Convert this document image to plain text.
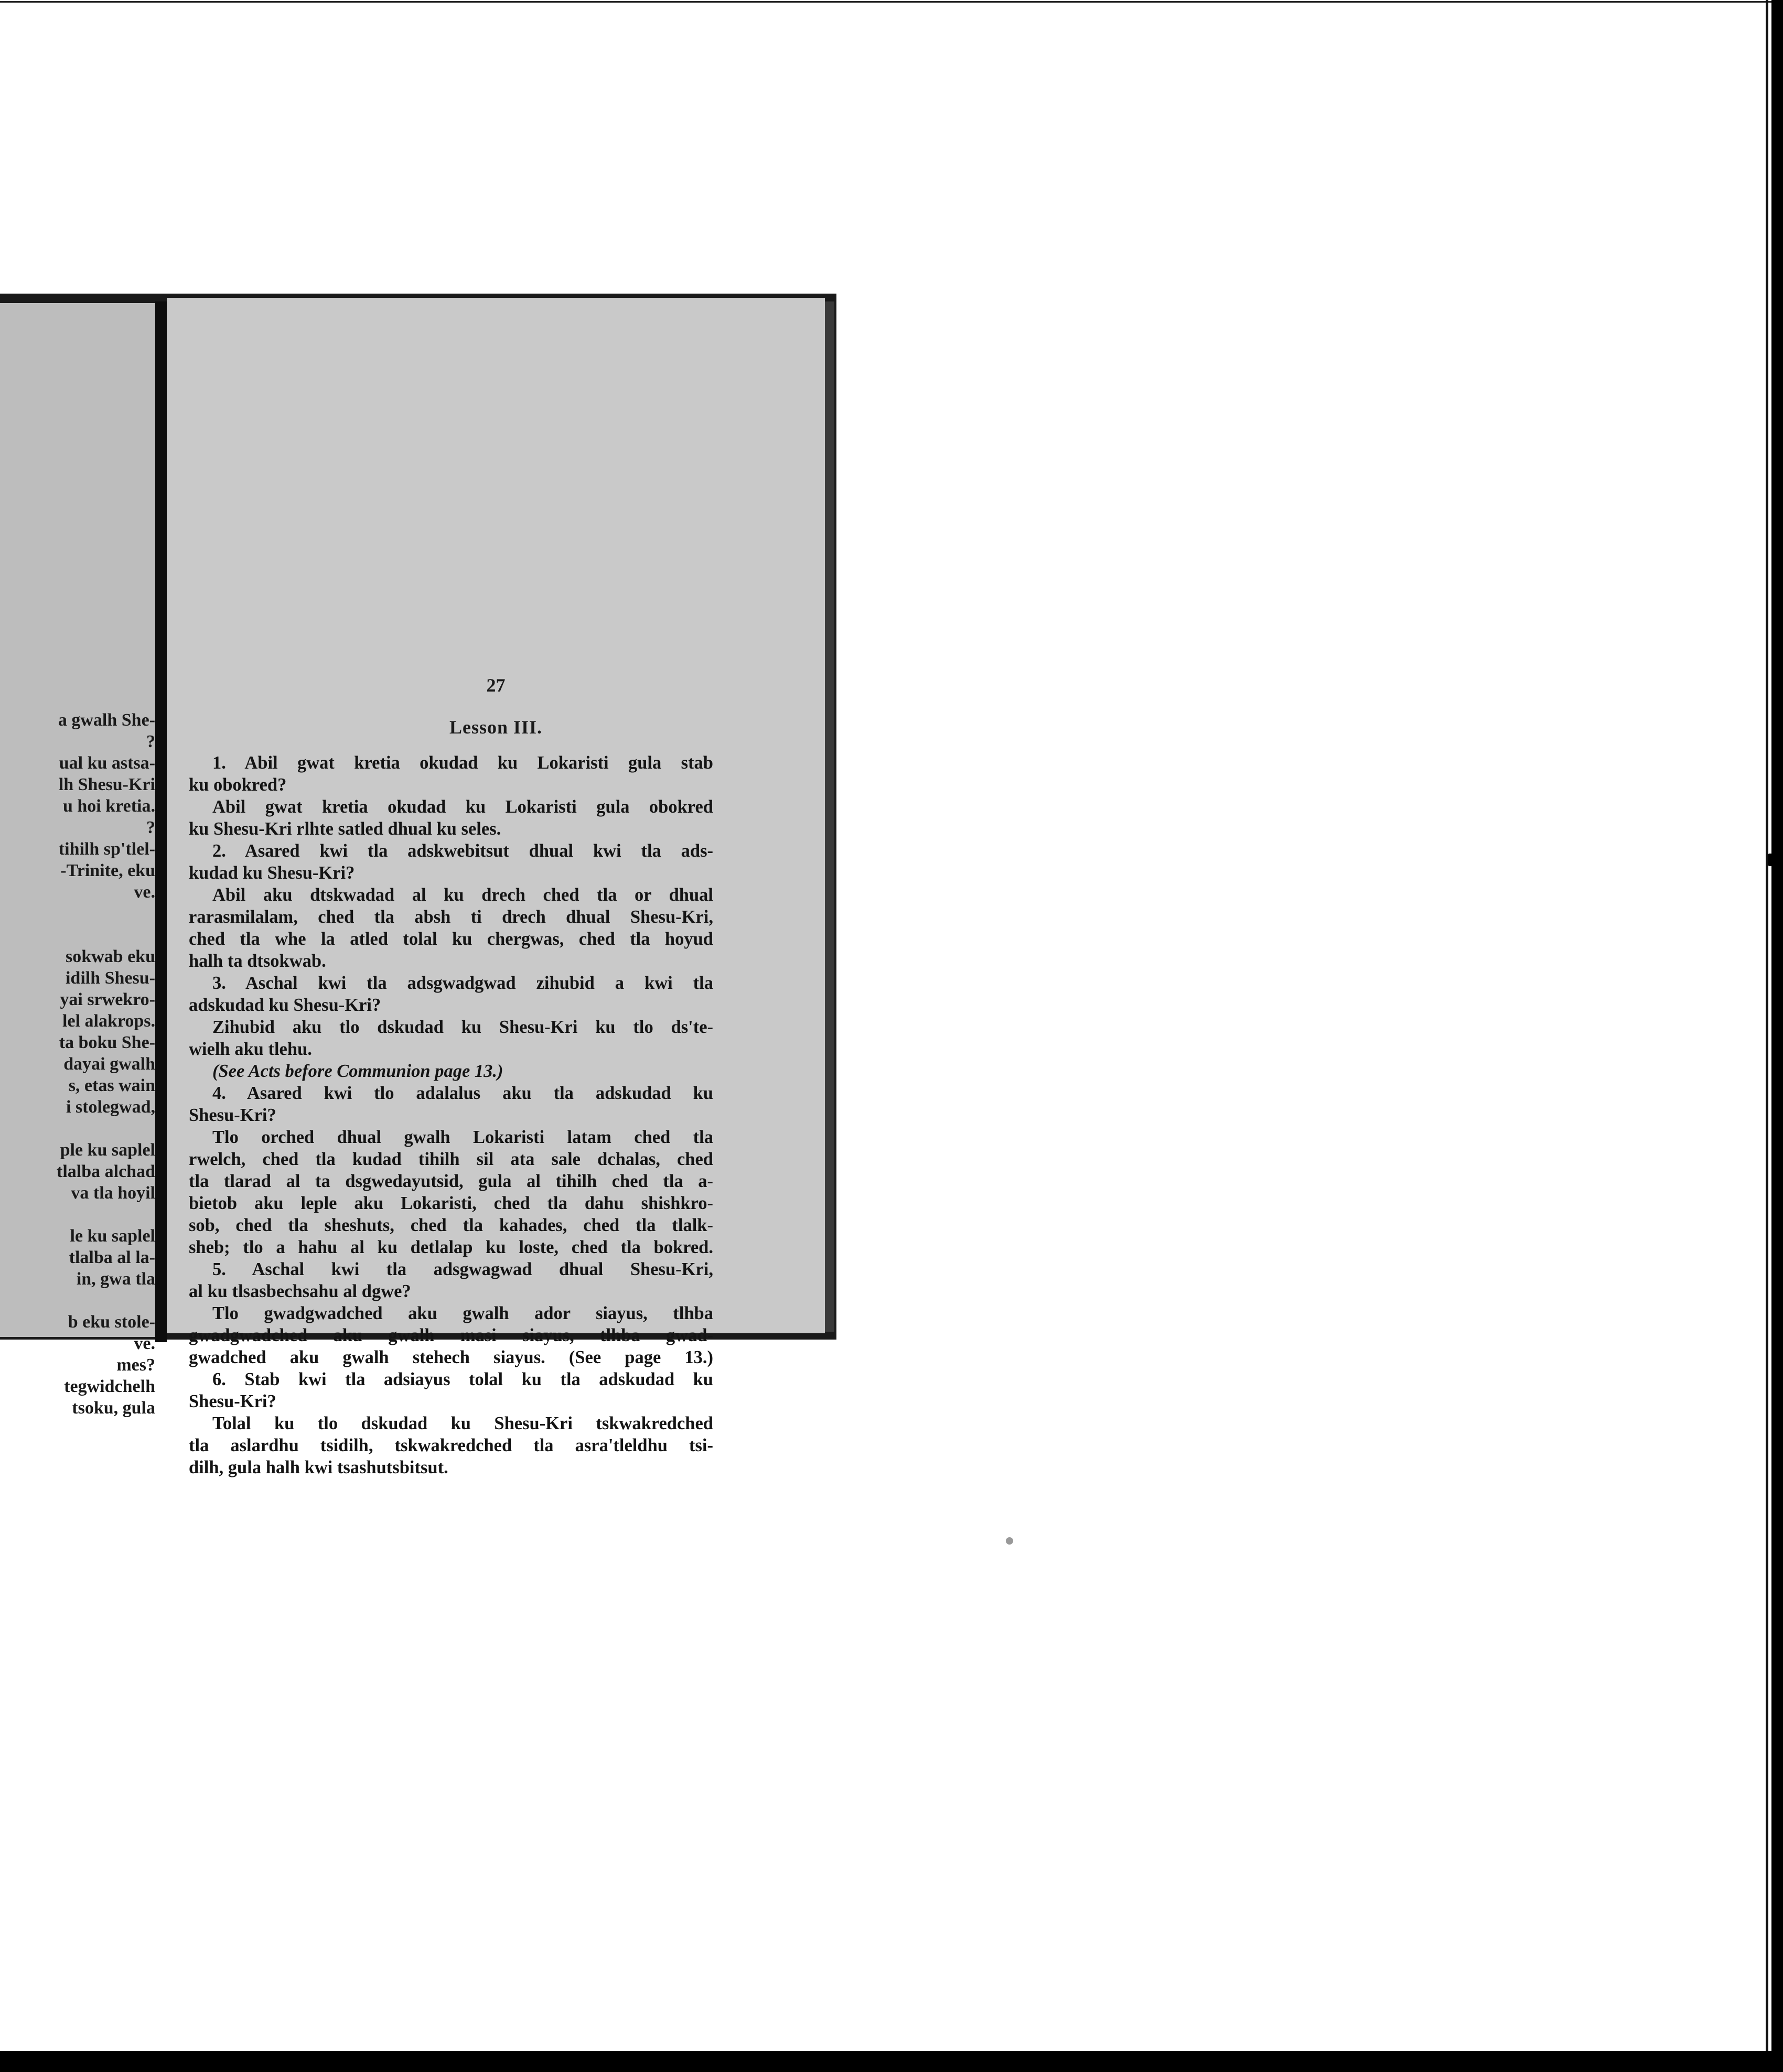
a gwalh She-
?
ual ku astsa-
lh Shesu-Kri
u hoi kretia.
?
tihilh sp'tlel-
-Trinite, eku
ve.
sokwab eku
idilh Shesu-
yai srwekro-
lel alakrops.
ta boku She-
dayai gwalh
s, etas wain
i stolegwad,
ple ku saplel
tlalba alchad
va tla hoyil
le ku saplel
tlalba al la-
in, gwa tla
b eku stole-
ve.
mes?
tegwidchelh
tsoku, gula
27
Lesson III.
1. Abil gwat kretia okudad ku Lokaristi gula stab
ku obokred?
Abil gwat kretia okudad ku Lokaristi gula obokred
ku Shesu-Kri rlhte satled dhual ku seles.
2. Asared kwi tla adskwebitsut dhual kwi tla ads-
kudad ku Shesu-Kri?
Abil aku dtskwadad al ku drech ched tla or dhual
rarasmilalam, ched tla absh ti drech dhual Shesu-Kri,
ched tla whe la atled tolal ku chergwas, ched tla hoyud
halh ta dtsokwab.
3. Aschal kwi tla adsgwadgwad zihubid a kwi tla
adskudad ku Shesu-Kri?
Zihubid aku tlo dskudad ku Shesu-Kri ku tlo ds'te-
wielh aku tlehu.
(See Acts before Communion page 13.)
4. Asared kwi tlo adalalus aku tla adskudad ku
Shesu-Kri?
Tlo orched dhual gwalh Lokaristi latam ched tla
rwelch, ched tla kudad tihilh sil ata sale dchalas, ched
tla tlarad al ta dsgwedayutsid, gula al tihilh ched tla a-
bietob aku leple aku Lokaristi, ched tla dahu shishkro-
sob, ched tla sheshuts, ched tla kahades, ched tla tlalk-
sheb; tlo a hahu al ku detlalap ku loste, ched tla bokred.
5. Aschal kwi tla adsgwagwad dhual Shesu-Kri,
al ku tlsasbechsahu al dgwe?
Tlo gwadgwadched aku gwalh ador siayus, tlhba
gwadgwadched aku gwalh masi siayus, tlhba gwad-
gwadched aku gwalh stehech siayus. (See page 13.)
6. Stab kwi tla adsiayus tolal ku tla adskudad ku
Shesu-Kri?
Tolal ku tlo dskudad ku Shesu-Kri tskwakredched
tla aslardhu tsidilh, tskwakredched tla asra'tleldhu tsi-
dilh, gula halh kwi tsashutsbitsut.
